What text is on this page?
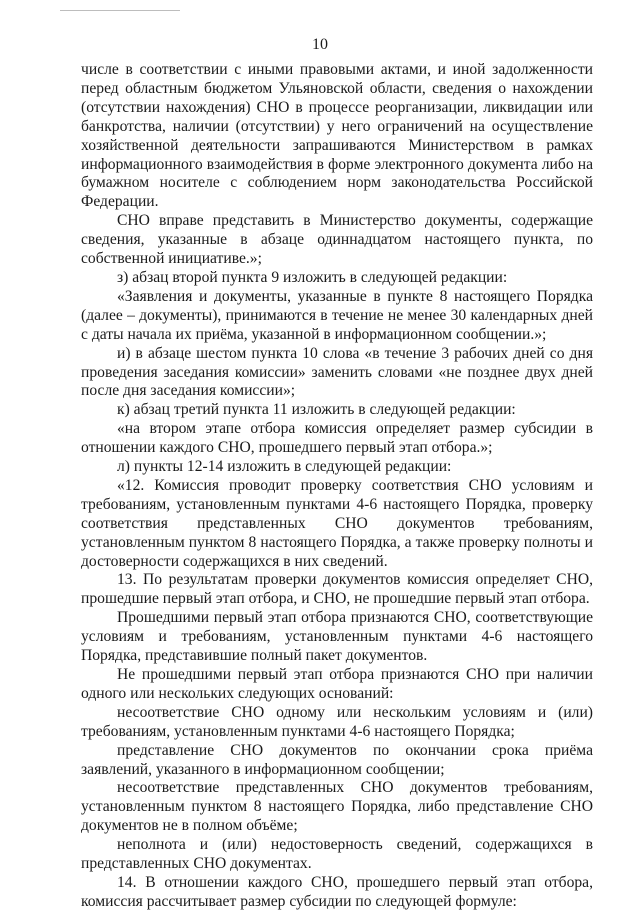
10

числе в соответствии с иными правовыми актами, и иной задолженности перед областным бюджетом Ульяновской области, сведения о нахождении (отсутствии нахождения) СНО в процессе реорганизации, ликвидации или банкротства, наличии (отсутствии) у него ограничений на осуществление хозяйственной деятельности запрашиваются Министерством в рамках информационного взаимодействия в форме электронного документа либо на бумажном носителе с соблюдением норм законодательства Российской Федерации.

СНО вправе представить в Министерство документы, содержащие сведения, указанные в абзаце одиннадцатом настоящего пункта, по собственной инициативе.»;

з) абзац второй пункта 9 изложить в следующей редакции:

«Заявления и документы, указанные в пункте 8 настоящего Порядка (далее – документы), принимаются в течение не менее 30 календарных дней с даты начала их приёма, указанной в информационном сообщении.»;

и) в абзаце шестом пункта 10 слова «в течение 3 рабочих дней со дня проведения заседания комиссии» заменить словами «не позднее двух дней после дня заседания комиссии»;

к) абзац третий пункта 11 изложить в следующей редакции:

«на втором этапе отбора комиссия определяет размер субсидии в отношении каждого СНО, прошедшего первый этап отбора.»;

л) пункты 12-14 изложить в следующей редакции:

«12. Комиссия проводит проверку соответствия СНО условиям и требованиям, установленным пунктами 4-6 настоящего Порядка, проверку соответствия представленных СНО документов требованиям, установленным пунктом 8 настоящего Порядка, а также проверку полноты и достоверности содержащихся в них сведений.

13. По результатам проверки документов комиссия определяет СНО, прошедшие первый этап отбора, и СНО, не прошедшие первый этап отбора.

Прошедшими первый этап отбора признаются СНО, соответствующие условиям и требованиям, установленным пунктами 4-6 настоящего Порядка, представившие полный пакет документов.

Не прошедшими первый этап отбора признаются СНО при наличии одного или нескольких следующих оснований:

несоответствие СНО одному или нескольким условиям и (или) требованиям, установленным пунктами 4-6 настоящего Порядка;

представление СНО документов по окончании срока приёма заявлений, указанного в информационном сообщении;

несоответствие представленных СНО документов требованиям, установленным пунктом 8 настоящего Порядка, либо представление СНО документов не в полном объёме;

неполнота и (или) недостоверность сведений, содержащихся в представленных СНО документах.

14. В отношении каждого СНО, прошедшего первый этап отбора, комиссия рассчитывает размер субсидии по следующей формуле:
